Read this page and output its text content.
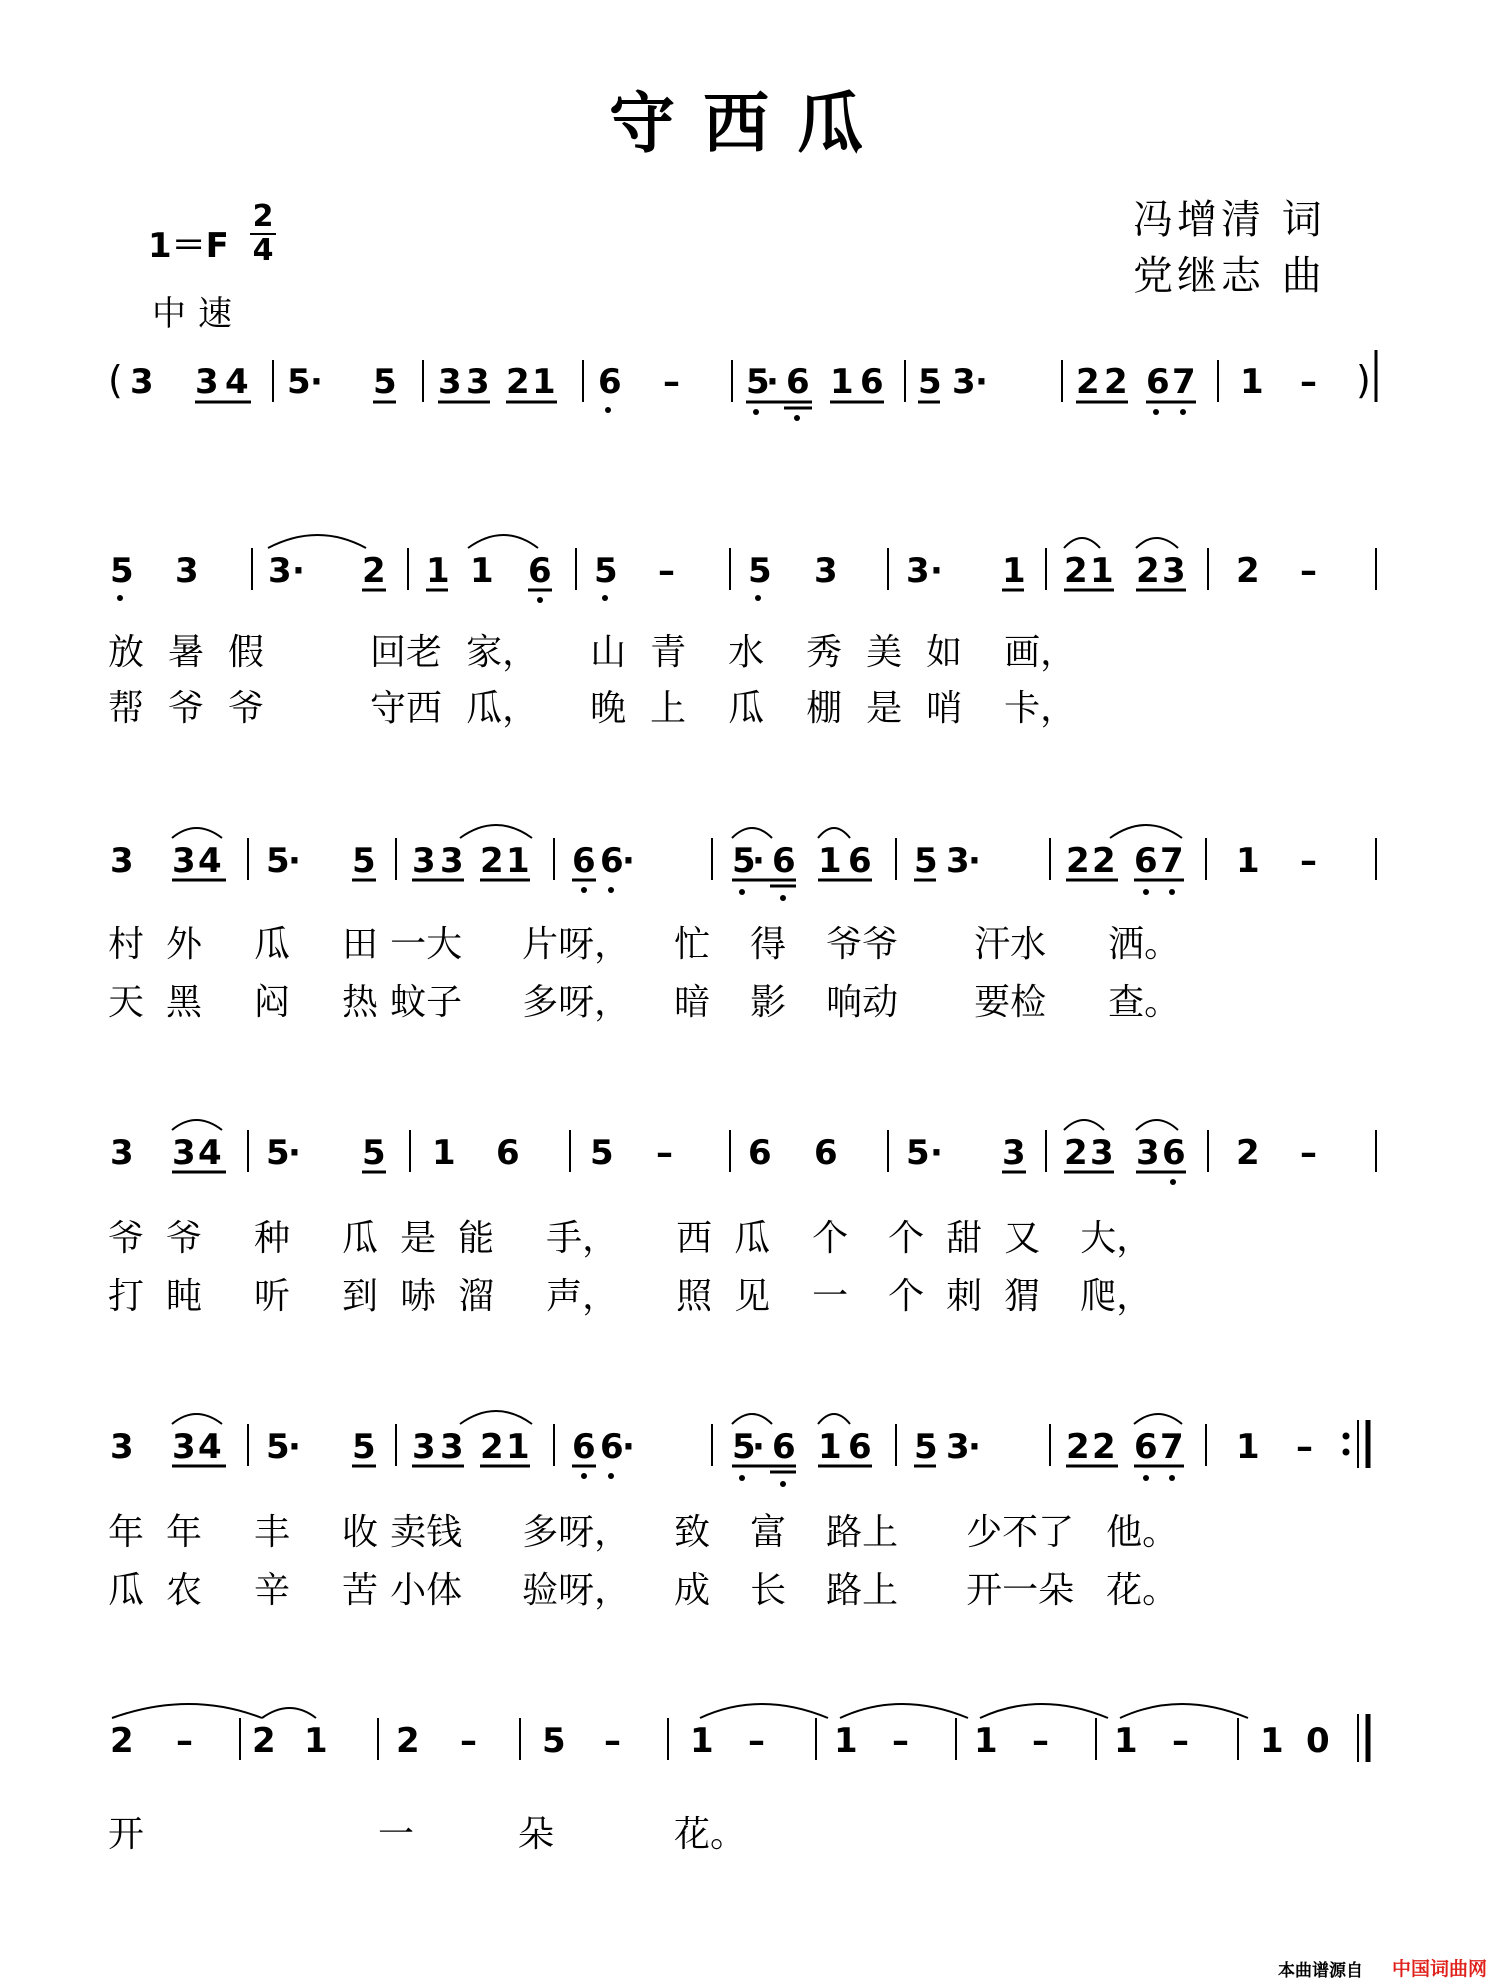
守西瓜
冯增清 词
党继志 曲
1＝F
2
4
中速
( 3 3 4 5 · 5 3 3 2 1 6 – 5
· 6 1 6 5 3 ·	2 2 6 7 1 – )
5 3 3 · 2 1 1 6 5 – 5 3 3 · 1 2 1 2 3 2 –
3 3 4 5
· 5 3 3 2 1 6 6
·	5
· 6 1 6 5 3
·	2 2 6 7 1 –
3 3 4 5
· 5 1 6 5 – 6 6 5 · 3 2 3 3 6 2 –
3 3 4 5
· 5 3 3 2 1 6 6
·	5
· 6 1 6 5 3
·	2 2 6 7 1 –
2 – 2 1 2 – 5 – 1 – 1 – 1 – 1 – 1 0
放 暑 假	回老 家， 山 青 水 秀 美 如 画，
帮 爷 爷	守西 瓜， 晚 上 瓜 棚 是 哨 卡，
村 外 瓜 田 一大 片呀， 忙 得 爷爷 汗水 洒。
天 黑 闷 热 蚊子 多呀， 暗 影 响动 要检 查。
爷 爷 种 瓜 是 能 手， 西 瓜 个 个 甜 又 大，
打 盹 听 到 哧 溜 声， 照 见 一 个 刺 猬 爬，
年 年 丰 收 卖钱 多呀， 致 富 路上 少不了 他。
瓜 农 辛 苦 小体 验呀， 成 长 路上 开一朵 花。
开	一	朵	花。
本曲谱源自 中国词曲网
